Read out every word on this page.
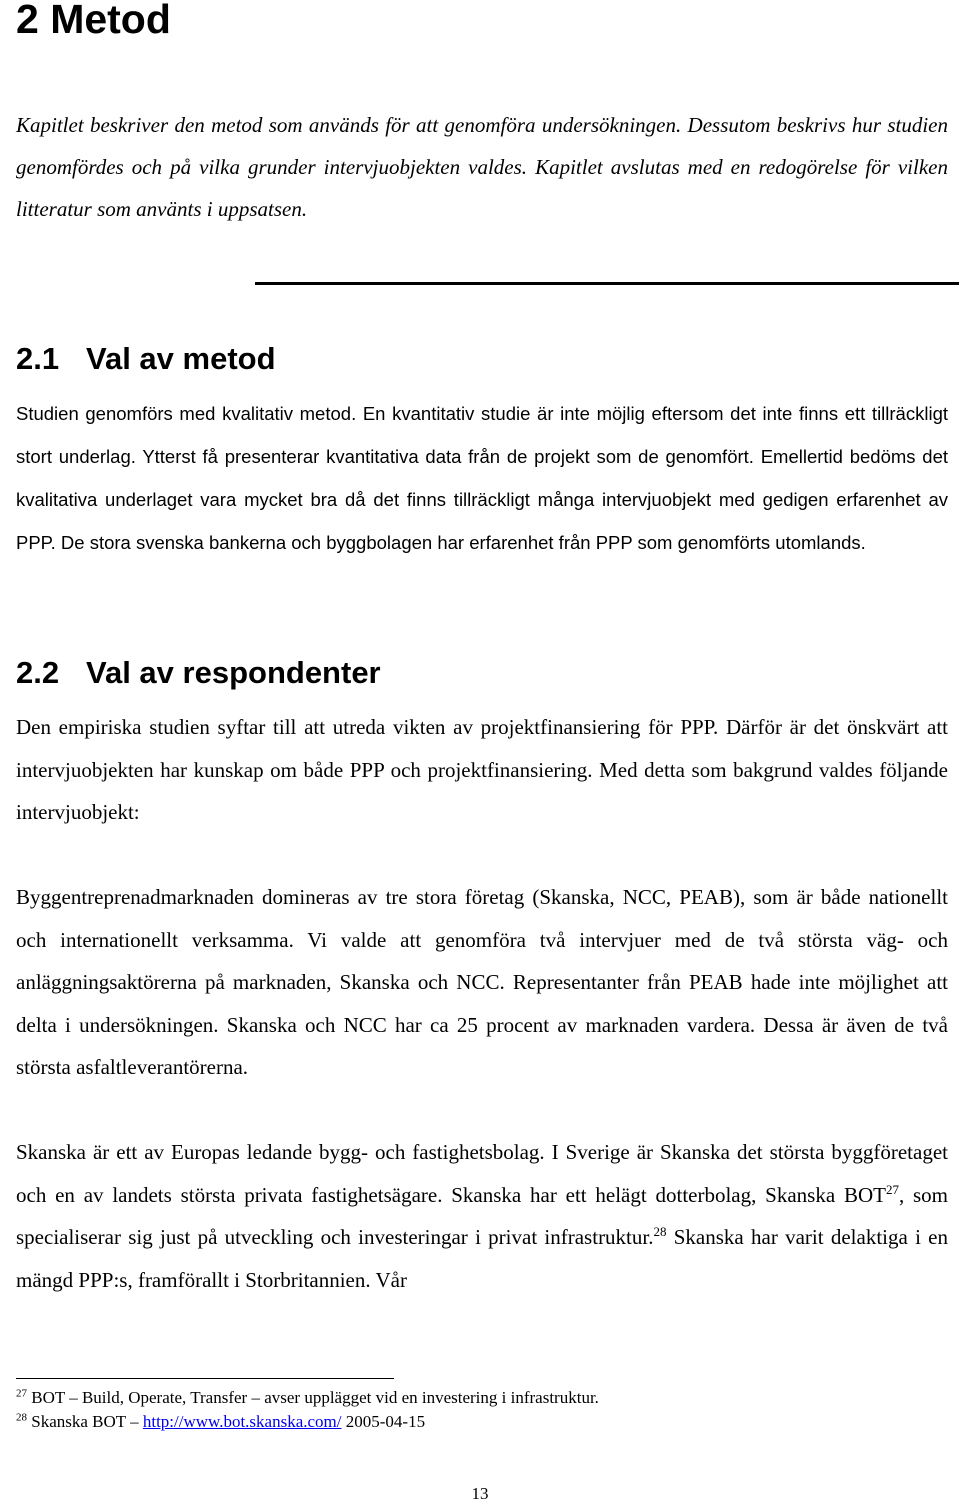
2 Metod

Kapitlet beskriver den metod som används för att genomföra undersökningen. Dessutom beskrivs hur studien genomfördes och på vilka grunder intervjuobjekten valdes. Kapitlet avslutas med en redogörelse för vilken litteratur som använts i uppsatsen.

2.1 Val av metod

Studien genomförs med kvalitativ metod. En kvantitativ studie är inte möjlig eftersom det inte finns ett tillräckligt stort underlag. Ytterst få presenterar kvantitativa data från de projekt som de genomfört. Emellertid bedöms det kvalitativa underlaget vara mycket bra då det finns tillräckligt många intervjuobjekt med gedigen erfarenhet av PPP. De stora svenska bankerna och byggbolagen har erfarenhet från PPP som genomförts utomlands.

2.2 Val av respondenter

Den empiriska studien syftar till att utreda vikten av projektfinansiering för PPP. Därför är det önskvärt att intervjuobjekten har kunskap om både PPP och projektfinansiering. Med detta som bakgrund valdes följande intervjuobjekt:

Byggentreprenadmarknaden domineras av tre stora företag (Skanska, NCC, PEAB), som är både nationellt och internationellt verksamma. Vi valde att genomföra två intervjuer med de två största väg- och anläggningsaktörerna på marknaden, Skanska och NCC. Representanter från PEAB hade inte möjlighet att delta i undersökningen. Skanska och NCC har ca 25 procent av marknaden vardera. Dessa är även de två största asfaltleverantörerna.

Skanska är ett av Europas ledande bygg- och fastighetsbolag. I Sverige är Skanska det största byggföretaget och en av landets största privata fastighetsägare. Skanska har ett helägt dotterbolag, Skanska BOT$^{27}$, som specialiserar sig just på utveckling och investeringar i privat infrastruktur.$^{28}$ Skanska har varit delaktiga i en mängd PPP:s, framförallt i Storbritannien. Vår

$^{27}$ BOT – Build, Operate, Transfer – avser upplägget vid en investering i infrastruktur.

$^{28}$ Skanska BOT – http://www.bot.skanska.com/ 2005-04-15

13
